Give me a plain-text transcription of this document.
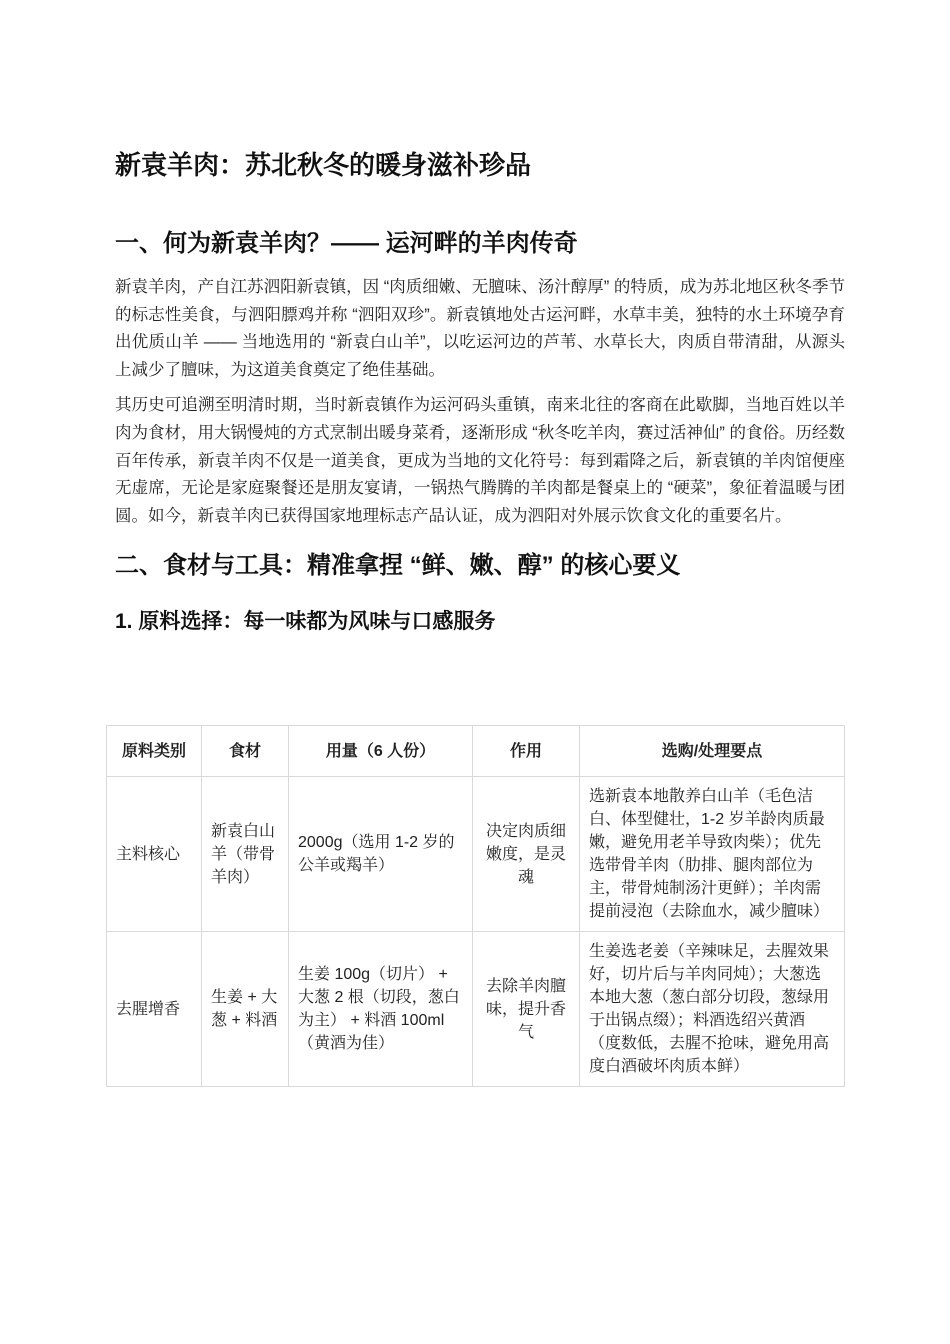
新袁羊肉：苏北秋冬的暖身滋补珍品
一、何为新袁羊肉？—— 运河畔的羊肉传奇

新袁羊肉，产自江苏泗阳新袁镇，因 “肉质细嫩、无膻味、汤汁醇厚” 的特质，成为苏北地区秋冬季节的标志性美食，与泗阳膘鸡并称 “泗阳双珍”。新袁镇地处古运河畔，水草丰美，独特的水土环境孕育出优质山羊 —— 当地选用的 “新袁白山羊”，以吃运河边的芦苇、水草长大，肉质自带清甜，从源头上减少了膻味，为这道美食奠定了绝佳基础。

其历史可追溯至明清时期，当时新袁镇作为运河码头重镇，南来北往的客商在此歇脚，当地百姓以羊肉为食材，用大锅慢炖的方式烹制出暖身菜肴，逐渐形成 “秋冬吃羊肉，赛过活神仙” 的食俗。历经数百年传承，新袁羊肉不仅是一道美食，更成为当地的文化符号：每到霜降之后，新袁镇的羊肉馆便座无虚席，无论是家庭聚餐还是朋友宴请，一锅热气腾腾的羊肉都是餐桌上的 “硬菜”，象征着温暖与团圆。如今，新袁羊肉已获得国家地理标志产品认证，成为泗阳对外展示饮食文化的重要名片。

二、食材与工具：精准拿捏 “鲜、嫩、醇” 的核心要义
1. 原料选择：每一味都为风味与口感服务
原料类别	食材	用量（6 人份）	作用	选购/处理要点
主料核心	新袁白山羊（带骨羊肉）	2000g（选用 1-2 岁的公羊或羯羊）	决定肉质细嫩度，是灵魂	选新袁本地散养白山羊（毛色洁白、体型健壮，1-2 岁羊龄肉质最嫩，避免用老羊导致肉柴）；优先选带骨羊肉（肋排、腿肉部位为主，带骨炖制汤汁更鲜）；羊肉需提前浸泡（去除血水，减少膻味）
去腥增香	生姜 + 大葱 + 料酒	生姜 100g（切片） + 大葱 2 根（切段，葱白为主） + 料酒 100ml（黄酒为佳）	去除羊肉膻味，提升香气	生姜选老姜（辛辣味足，去腥效果好，切片后与羊肉同炖）；大葱选本地大葱（葱白部分切段，葱绿用于出锅点缀）；料酒选绍兴黄酒（度数低，去腥不抢味，避免用高度白酒破坏肉质本鲜）
